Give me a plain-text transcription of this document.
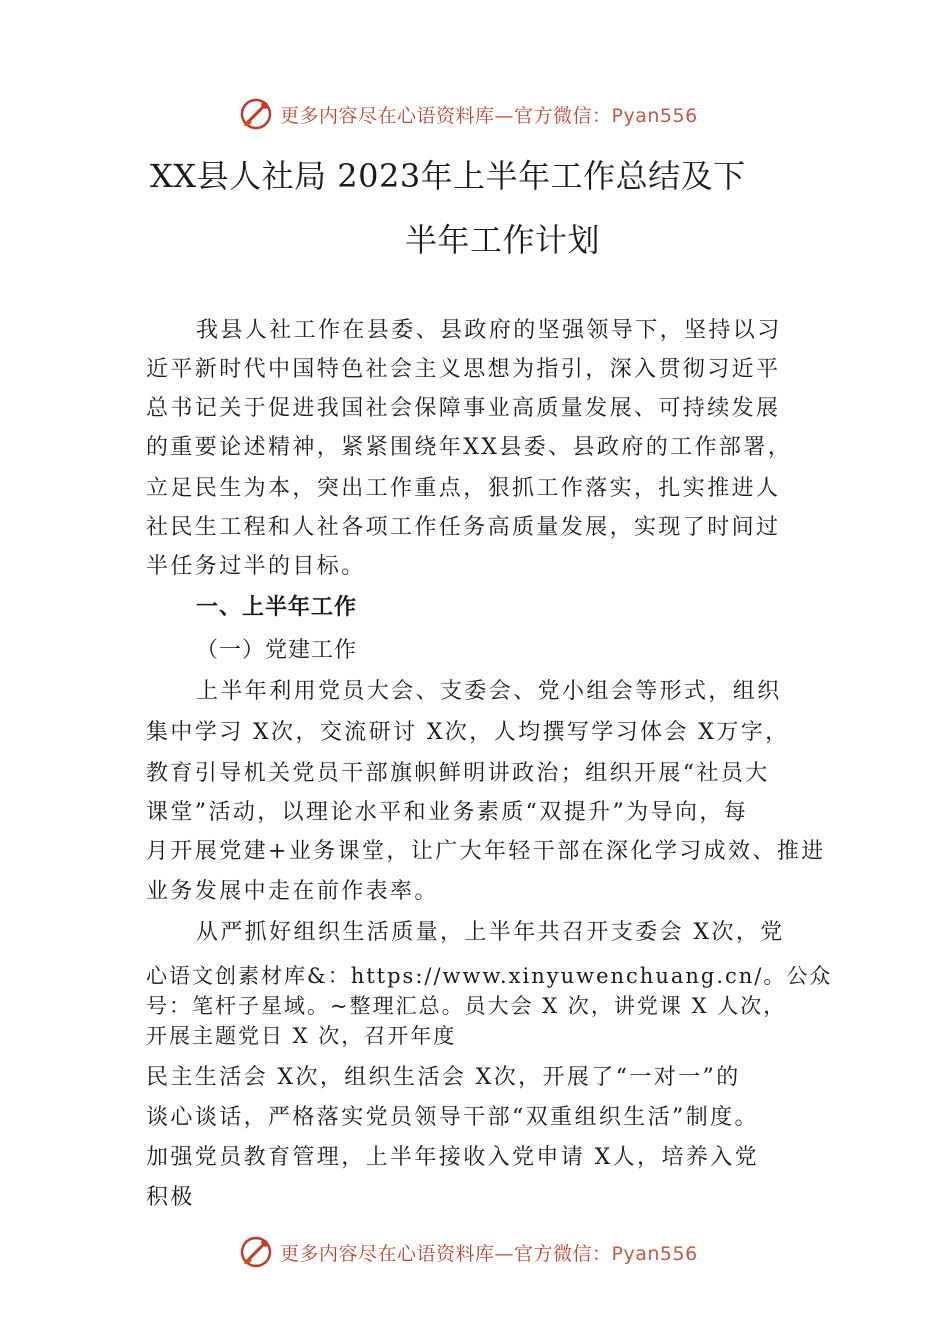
更多内容尽在心语资料库—官方微信：Pyan556
XX县人社局 2023年上半年工作总结及下
半年工作计划
我县人社工作在县委、县政府的坚强领导下，坚持以习
近平新时代中国特色社会主义思想为指引，深入贯彻习近平
总书记关于促进我国社会保障事业高质量发展、可持续发展
的重要论述精神，紧紧围绕年XX县委、县政府的工作部署，
立足民生为本，突出工作重点，狠抓工作落实，扎实推进人
社民生工程和人社各项工作任务高质量发展，实现了时间过
半任务过半的目标。
一、上半年工作
（一）党建工作
上半年利用党员大会、支委会、党小组会等形式，组织
集中学习 X次，交流研讨 X次，人均撰写学习体会 X万字，
教育引导机关党员干部旗帜鲜明讲政治；组织开展“社员大
课堂”活动，以理论水平和业务素质“双提升”为导向，每
月开展党建+业务课堂，让广大年轻干部在深化学习成效、推进
业务发展中走在前作表率。
从严抓好组织生活质量，上半年共召开支委会 X次，党
心语文创素材库&：https://www.xinyuwenchuang.cn/。公众
号：笔杆子星域。~整理汇总。员大会 X 次，讲党课 X 人次，
开展主题党日 X 次，召开年度
民主生活会 X次，组织生活会 X次，开展了“一对一”的
谈心谈话，严格落实党员领导干部“双重组织生活”制度。
加强党员教育管理，上半年接收入党申请 X人，培养入党
积极
更多内容尽在心语资料库—官方微信：Pyan556
